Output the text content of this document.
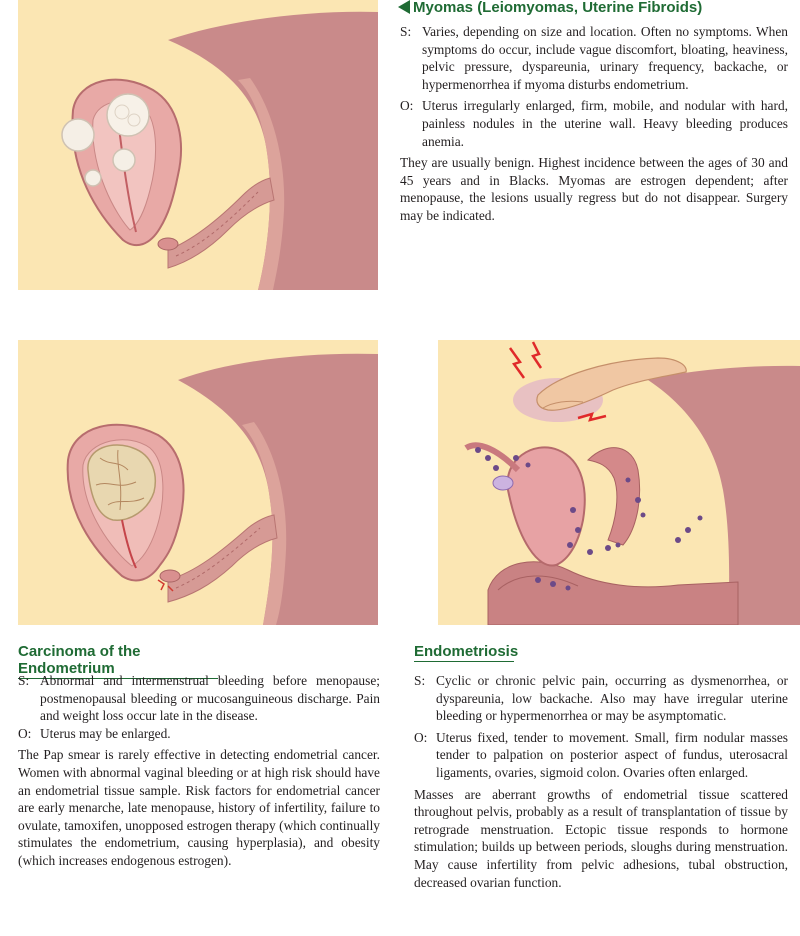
Myomas (Leiomyomas, Uterine Fibroids)

S: Varies, depending on size and location. Often no symptoms. When symptoms do occur, include vague discomfort, bloating, heaviness, pelvic pressure, dyspareunia, urinary frequency, backache, or hypermenorrhea if myoma disturbs endometrium.

O: Uterus irregularly enlarged, firm, mobile, and nodular with hard, painless nodules in the uterine wall. Heavy bleeding produces anemia.

They are usually benign. Highest incidence between the ages of 30 and 45 years and in Blacks. Myomas are estrogen dependent; after menopause, the lesions usually regress but do not disappear. Surgery may be indicated.

Carcinoma of the Endometrium

S: Abnormal and intermenstrual bleeding before menopause; postmenopausal bleeding or mucosanguineous discharge. Pain and weight loss occur late in the disease.

O: Uterus may be enlarged.

The Pap smear is rarely effective in detecting endometrial cancer. Women with abnormal vaginal bleeding or at high risk should have an endometrial tissue sample. Risk factors for endometrial cancer are early menarche, late menopause, history of infertility, failure to ovulate, tamoxifen, unopposed estrogen therapy (which continually stimulates the endometrium, causing hyperplasia), and obesity (which increases endogenous estrogen).

Endometriosis

S: Cyclic or chronic pelvic pain, occurring as dysmenorrhea, or dyspareunia, low backache. Also may have irregular uterine bleeding or hypermenorrhea or may be asymptomatic.

O: Uterus fixed, tender to movement. Small, firm nodular masses tender to palpation on posterior aspect of fundus, uterosacral ligaments, ovaries, sigmoid colon. Ovaries often enlarged.

Masses are aberrant growths of endometrial tissue scattered throughout pelvis, probably as a result of transplantation of tissue by retrograde menstruation. Ectopic tissue responds to hormone stimulation; builds up between periods, sloughs during menstruation. May cause infertility from pelvic adhesions, tubal obstruction, decreased ovarian function.
